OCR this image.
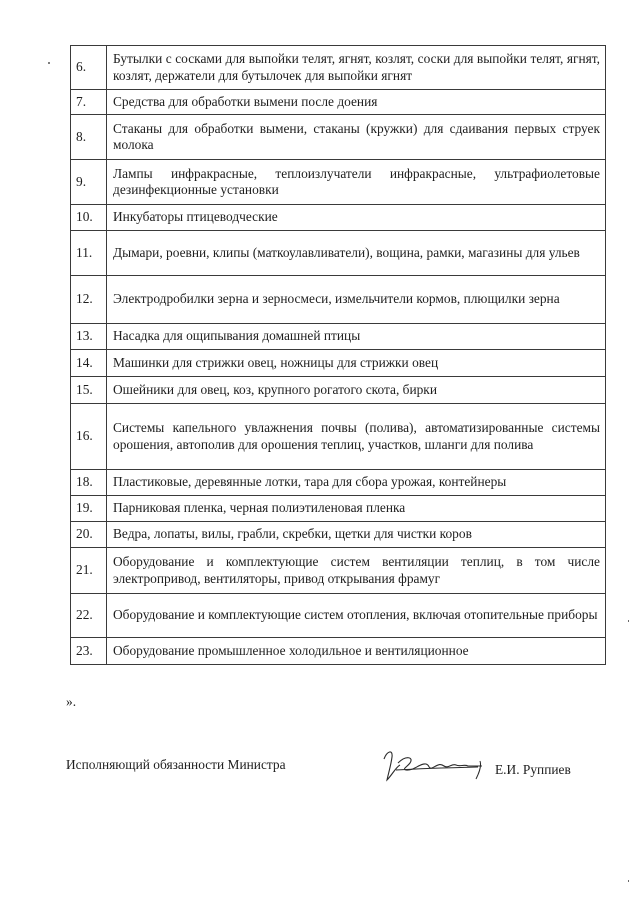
6.	Бутылки с сосками для выпойки телят, ягнят, козлят, соски для выпойки телят, ягнят, козлят, держатели для бутылочек для выпойки ягнят
7.	Средства для обработки вымени после доения
8.	Стаканы для обработки вымени, стаканы (кружки) для сдаивания первых струек молока
9.	Лампы инфракрасные, теплоизлучатели инфракрасные, ультрафиолетовые дезинфекционные установки
10.	Инкубаторы птицеводческие
11.	Дымари, роевни, клипы (маткоулавливатели), вощина, рамки, магазины для ульев
12.	Электродробилки зерна и зерносмеси, измельчители кормов, плющилки зерна
13.	Насадка для ощипывания домашней птицы
14.	Машинки для стрижки овец, ножницы для стрижки овец
15.	Ошейники для овец, коз, крупного рогатого скота, бирки
16.	Системы капельного увлажнения почвы (полива), автоматизированные системы орошения, автополив для орошения теплиц, участков, шланги для полива
18.	Пластиковые, деревянные лотки, тара для сбора урожая, контейнеры
19.	Парниковая пленка, черная полиэтиленовая пленка
20.	Ведра, лопаты, вилы, грабли, скребки, щетки для чистки коров
21.	Оборудование и комплектующие систем вентиляции теплиц, в том числе электропривод, вентиляторы, привод открывания фрамуг
22.	Оборудование и комплектующие систем отопления, включая отопительные приборы
23.	Оборудование промышленное холодильное и вентиляционное
».
Исполняющий обязанности Министра	Е.И. Руппиев
